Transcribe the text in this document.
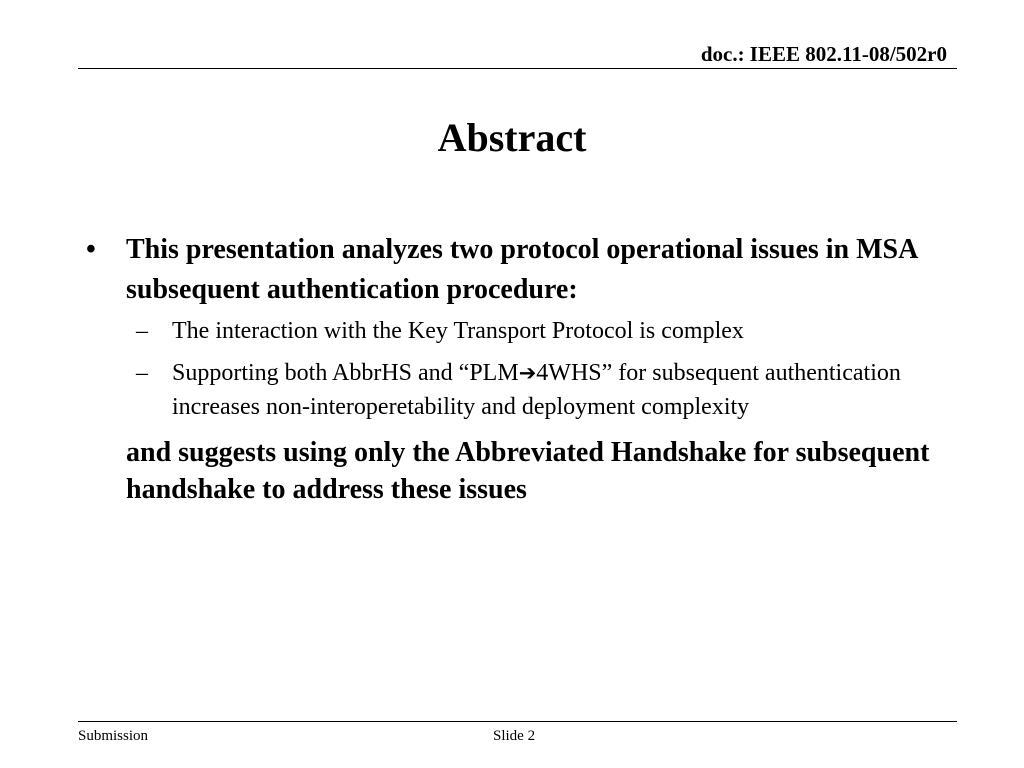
doc.: IEEE 802.11-08/502r0
Abstract
• This presentation analyzes two protocol operational issues in MSA subsequent authentication procedure:
– The interaction with the Key Transport Protocol is complex
– Supporting both AbbrHS and “PLM➔4WHS” for subsequent authentication increases non-interoperetability and deployment complexity
and suggests using only the Abbreviated Handshake for subsequent handshake to address these issues
Submission	Slide 2
